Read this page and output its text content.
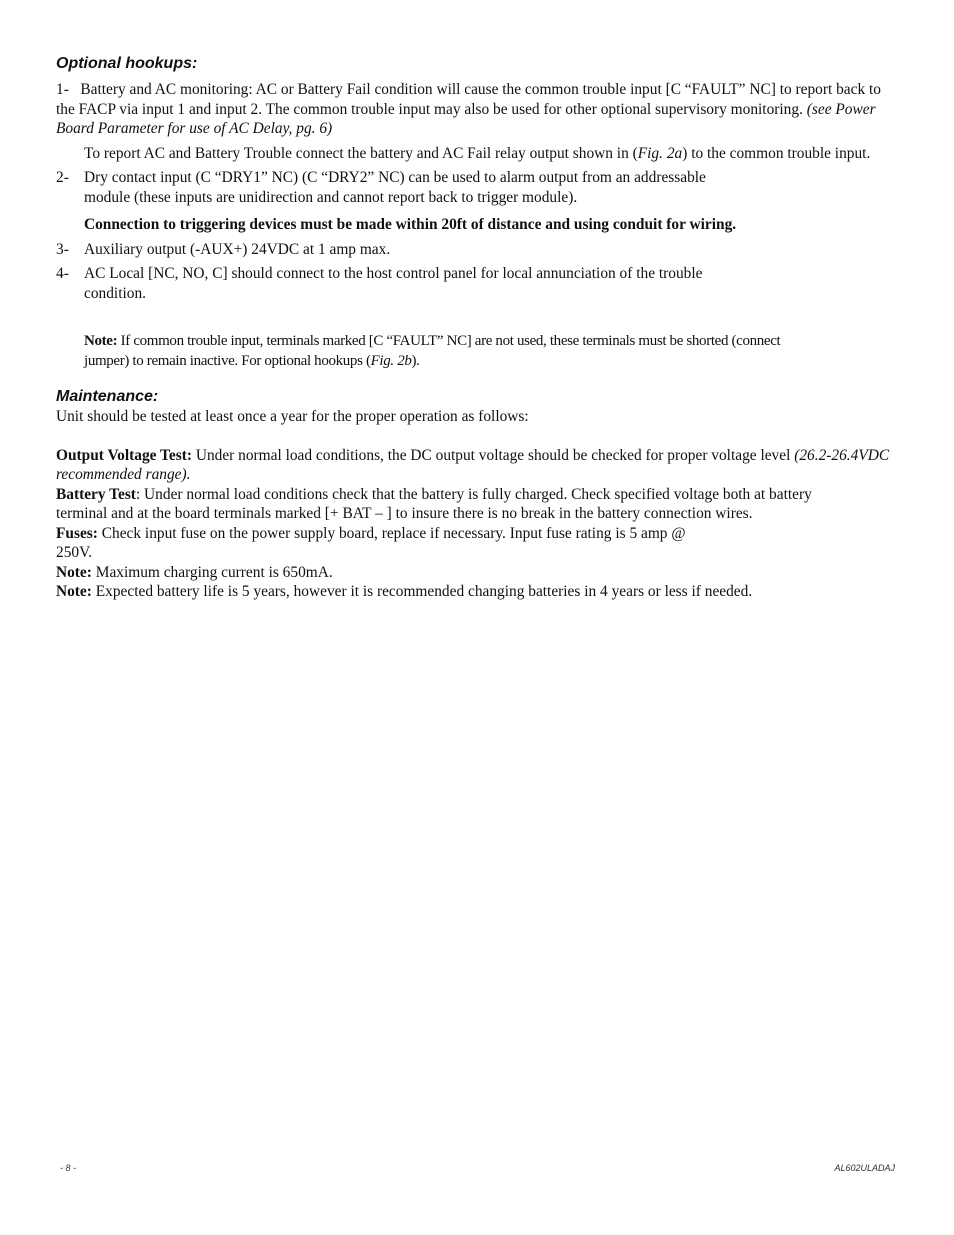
Optional hookups:
1- Battery and AC monitoring: AC or Battery Fail condition will cause the common trouble input [C “FAULT” NC] to report back to the FACP via input 1 and input 2. The common trouble input may also be used for other optional supervisory monitoring. (see Power Board Parameter for use of AC Delay, pg. 6)
To report AC and Battery Trouble connect the battery and AC Fail relay output shown in (Fig. 2a) to the common trouble input.
2- Dry contact input (C “DRY1” NC) (C “DRY2” NC) can be used to alarm output from an addressable module (these inputs are unidirection and cannot report back to trigger module).
Connection to triggering devices must be made within 20ft of distance and using conduit for wiring.
3- Auxiliary output (-AUX+) 24VDC at 1 amp max.
4- AC Local [NC, NO, C] should connect to the host control panel for local annunciation of the trouble condition.
Note: If common trouble input, terminals marked [C “FAULT” NC] are not used, these terminals must be shorted (connect jumper) to remain inactive. For optional hookups (Fig. 2b).
Maintenance:
Unit should be tested at least once a year for the proper operation as follows:
Output Voltage Test: Under normal load conditions, the DC output voltage should be checked for proper voltage level (26.2-26.4VDC recommended range).
Battery Test: Under normal load conditions check that the battery is fully charged. Check specified voltage both at battery terminal and at the board terminals marked [+ BAT – ] to insure there is no break in the battery connection wires.
Fuses: Check input fuse on the power supply board, replace if necessary. Input fuse rating is 5 amp @ 250V.
Note: Maximum charging current is 650mA.
Note: Expected battery life is 5 years, however it is recommended changing batteries in 4 years or less if needed.
- 8 -	AL602ULADAJ
